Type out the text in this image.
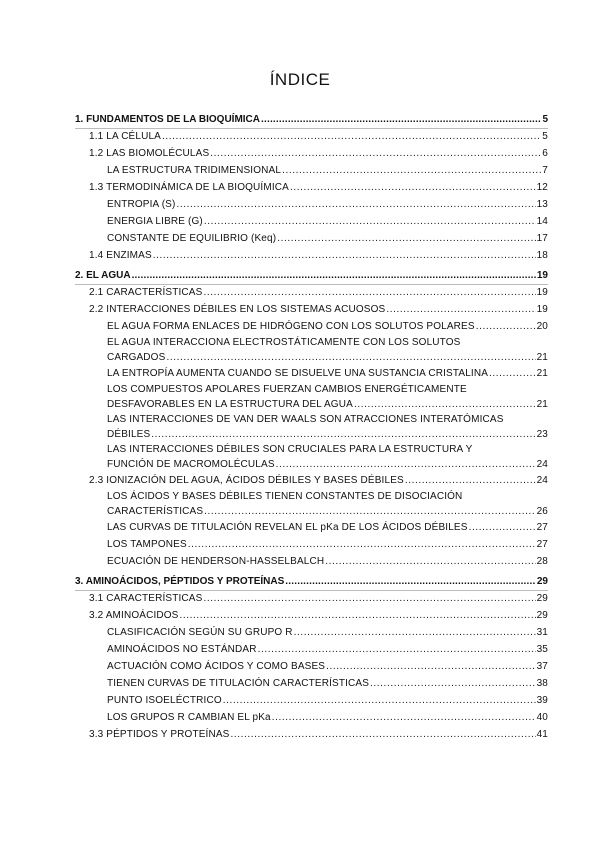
ÍNDICE
1. FUNDAMENTOS DE LA BIOQUÍMICA .....	5
1.1 LA CÉLULA .....	5
1.2 LAS BIOMOLÉCULAS .....	6
LA ESTRUCTURA TRIDIMENSIONAL .....	7
1.3 TERMODINÁMICA DE LA BIOQUÍMICA .....	12
ENTROPIA (S) .....	13
ENERGIA LIBRE (G) .....	14
CONSTANTE DE EQUILIBRIO (Keq) .....	17
1.4 ENZIMAS .....	18
2. EL AGUA .....	19
2.1 CARACTERÍSTICAS .....	19
2.2 INTERACCIONES DÉBILES EN LOS SISTEMAS ACUOSOS .....	19
EL AGUA FORMA ENLACES DE HIDRÓGENO CON LOS SOLUTOS POLARES .....	20
EL AGUA INTERACCIONA ELECTROSTÁTICAMENTE CON LOS SOLUTOS
CARGADOS .....	21
LA ENTROPÍA AUMENTA CUANDO SE DISUELVE UNA SUSTANCIA CRISTALINA .....	21
LOS COMPUESTOS APOLARES FUERZAN CAMBIOS ENERGÉTICAMENTE
DESFAVORABLES EN LA ESTRUCTURA DEL AGUA .....	21
LAS INTERACCIONES DE VAN DER WAALS SON ATRACCIONES INTERATÓMICAS
DÉBILES .....	23
LAS INTERACCIONES DÉBILES SON CRUCIALES PARA LA ESTRUCTURA Y
FUNCIÓN DE MACROMOLÉCULAS .....	24
2.3 IONIZACIÓN DEL AGUA, ÁCIDOS DÉBILES Y BASES DÉBILES .....	24
LOS ÁCIDOS Y BASES DÉBILES TIENEN CONSTANTES DE DISOCIACIÓN
CARACTERÍSTICAS .....	26
LAS CURVAS DE TITULACIÓN REVELAN EL pKa DE LOS ÁCIDOS DÉBILES .....	27
LOS TAMPONES .....	27
ECUACIÓN DE HENDERSON-HASSELBALCH .....	28
3. AMINOÁCIDOS, PÉPTIDOS Y PROTEÍNAS .....	29
3.1 CARACTERÍSTICAS .....	29
3.2 AMINOÁCIDOS .....	29
CLASIFICACIÓN SEGÚN SU GRUPO R .....	31
AMINOÁCIDOS NO ESTÁNDAR .....	35
ACTUACIÓN COMO ÁCIDOS Y COMO BASES .....	37
TIENEN CURVAS DE TITULACIÓN CARACTERÍSTICAS .....	38
PUNTO ISOELÉCTRICO .....	39
LOS GRUPOS R CAMBIAN EL pKa .....	40
3.3 PÉPTIDOS Y PROTEÍNAS .....	41
